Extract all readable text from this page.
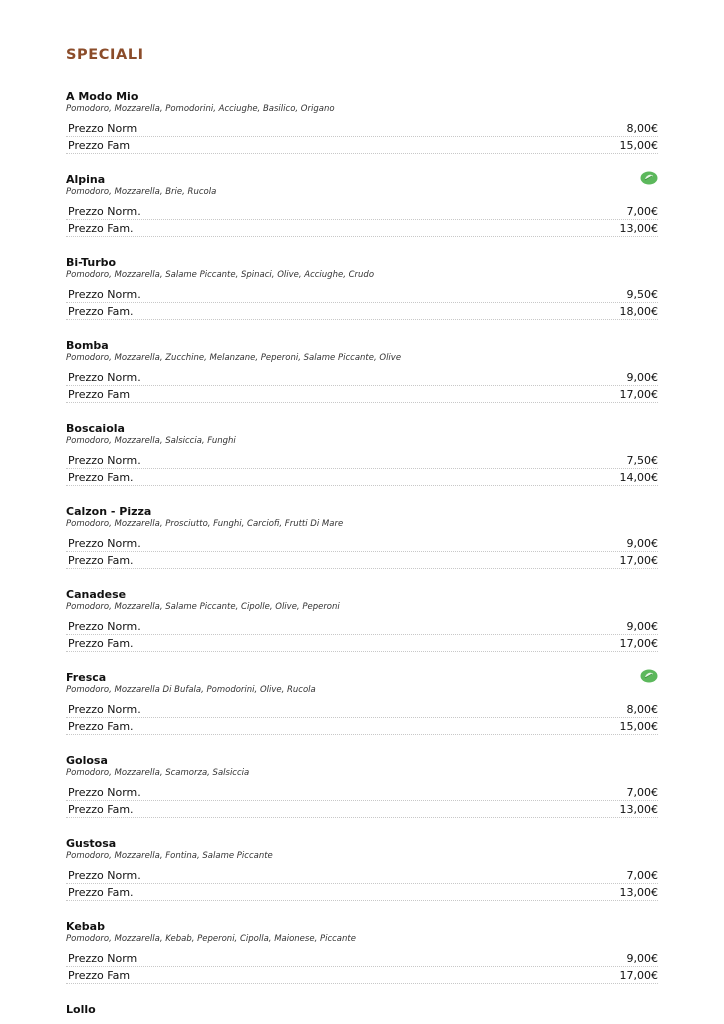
SPECIALI
A Modo Mio
Pomodoro, Mozzarella, Pomodorini, Acciughe, Basilico, Origano
Prezzo Norm	8,00€
Prezzo Fam	15,00€
Alpina
Pomodoro, Mozzarella, Brie, Rucola
Prezzo Norm.	7,00€
Prezzo Fam.	13,00€
Bi-Turbo
Pomodoro, Mozzarella, Salame Piccante, Spinaci, Olive, Acciughe, Crudo
Prezzo Norm.	9,50€
Prezzo Fam.	18,00€
Bomba
Pomodoro, Mozzarella, Zucchine, Melanzane, Peperoni, Salame Piccante, Olive
Prezzo Norm.	9,00€
Prezzo Fam	17,00€
Boscaiola
Pomodoro, Mozzarella, Salsiccia, Funghi
Prezzo Norm.	7,50€
Prezzo Fam.	14,00€
Calzon - Pizza
Pomodoro, Mozzarella, Prosciutto, Funghi, Carciofi, Frutti Di Mare
Prezzo Norm.	9,00€
Prezzo Fam.	17,00€
Canadese
Pomodoro, Mozzarella, Salame Piccante, Cipolle, Olive, Peperoni
Prezzo Norm.	9,00€
Prezzo Fam.	17,00€
Fresca
Pomodoro, Mozzarella Di Bufala, Pomodorini, Olive, Rucola
Prezzo Norm.	8,00€
Prezzo Fam.	15,00€
Golosa
Pomodoro, Mozzarella, Scamorza, Salsiccia
Prezzo Norm.	7,00€
Prezzo Fam.	13,00€
Gustosa
Pomodoro, Mozzarella, Fontina, Salame Piccante
Prezzo Norm.	7,00€
Prezzo Fam.	13,00€
Kebab
Pomodoro, Mozzarella, Kebab, Peperoni, Cipolla, Maionese, Piccante
Prezzo Norm	9,00€
Prezzo Fam	17,00€
Lollo
